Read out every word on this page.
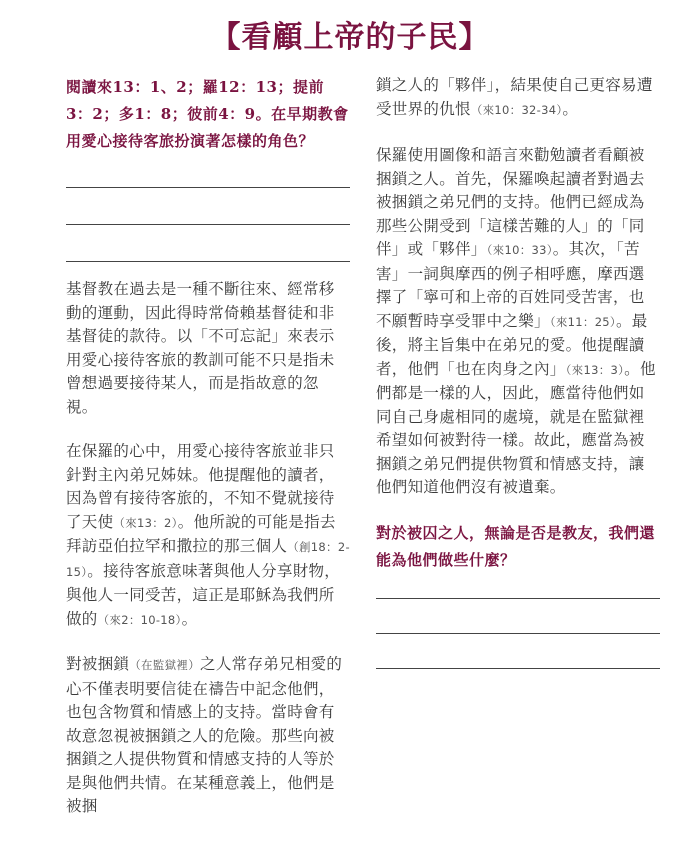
【看顧上帝的子民】

閱讀來13：1、2；羅12：13；提前3：2；多1：8；彼前4：9。在早期教會用愛心接待客旅扮演著怎樣的角色？

基督教在過去是一種不斷往來、經常移動的運動，因此得時常倚賴基督徒和非基督徒的款待。以「不可忘記」來表示用愛心接待客旅的教訓可能不只是指未曾想過要接待某人，而是指故意的忽視。

在保羅的心中，用愛心接待客旅並非只針對主內弟兄姊妹。他提醒他的讀者，因為曾有接待客旅的，不知不覺就接待了天使（來13：2）。他所說的可能是指去拜訪亞伯拉罕和撒拉的那三個人（創18：2-15）。接待客旅意味著與他人分享財物，與他人一同受苦，這正是耶穌為我們所做的（來2：10-18）。

對被捆鎖（在監獄裡）之人常存弟兄相愛的心不僅表明要信徒在禱告中記念他們，也包含物質和情感上的支持。當時會有故意忽視被捆鎖之人的危險。那些向被捆鎖之人提供物質和情感支持的人等於是與他們共情。在某種意義上，他們是被捆

鎖之人的「夥伴」，結果使自己更容易遭受世界的仇恨（來10：32-34）。

保羅使用圖像和語言來勸勉讀者看顧被捆鎖之人。首先，保羅喚起讀者對過去被捆鎖之弟兄們的支持。他們已經成為那些公開受到「這樣苦難的人」的「同伴」或「夥伴」（來10：33）。其次，「苦害」一詞與摩西的例子相呼應，摩西選擇了「寧可和上帝的百姓同受苦害，也不願暫時享受罪中之樂」（來11：25）。最後，將主旨集中在弟兄的愛。他提醒讀者，他們「也在肉身之內」（來13：3）。他們都是一樣的人，因此，應當待他們如同自己身處相同的處境，就是在監獄裡希望如何被對待一樣。故此，應當為被捆鎖之弟兄們提供物質和情感支持，讓他們知道他們沒有被遺棄。

對於被囚之人，無論是否是教友，我們還能為他們做些什麼？
